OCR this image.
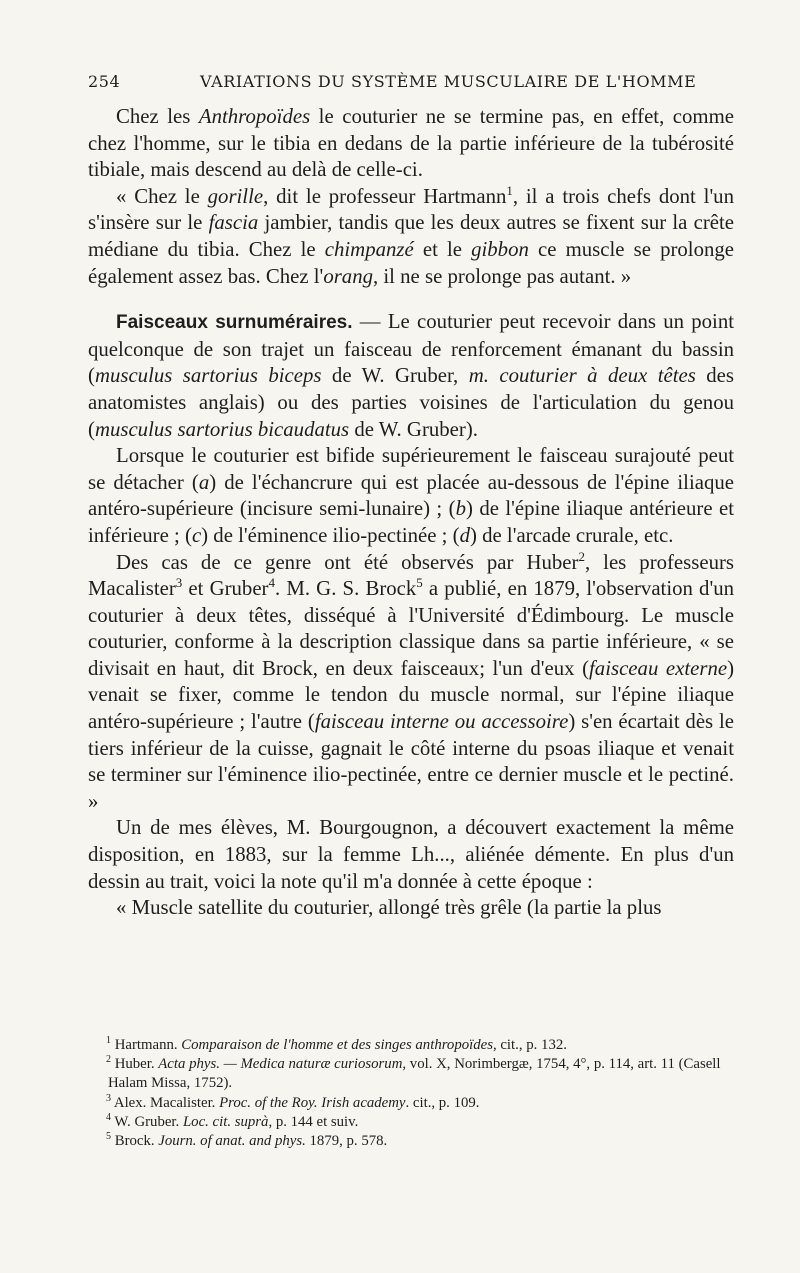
254	VARIATIONS DU SYSTÈME MUSCULAIRE DE L'HOMME

Chez les Anthropoïdes le couturier ne se termine pas, en effet, comme chez l'homme, sur le tibia en dedans de la partie inférieure de la tubérosité tibiale, mais descend au delà de celle-ci.

« Chez le gorille, dit le professeur Hartmann$^1$, il a trois chefs dont l'un s'insère sur le fascia jambier, tandis que les deux autres se fixent sur la crête médiane du tibia. Chez le chimpanzé et le gibbon ce muscle se prolonge également assez bas. Chez l'orang, il ne se prolonge pas autant. »

Faisceaux surnuméraires. — Le couturier peut recevoir dans un point quelconque de son trajet un faisceau de renforcement émanant du bassin (musculus sartorius biceps de W. Gruber, m. couturier à deux têtes des anatomistes anglais) ou des parties voisines de l'articulation du genou (musculus sartorius bicaudatus de W. Gruber).

Lorsque le couturier est bifide supérieurement le faisceau surajouté peut se détacher (a) de l'échancrure qui est placée au-dessous de l'épine iliaque antéro-supérieure (incisure semi-lunaire) ; (b) de l'épine iliaque antérieure et inférieure ; (c) de l'éminence ilio-pectinée ; (d) de l'arcade crurale, etc.

Des cas de ce genre ont été observés par Huber$^2$, les professeurs Macalister$^3$ et Gruber$^4$. M. G. S. Brock$^5$ a publié, en 1879, l'observation d'un couturier à deux têtes, disséqué à l'Université d'Édimbourg. Le muscle couturier, conforme à la description classique dans sa partie inférieure, « se divisait en haut, dit Brock, en deux faisceaux; l'un d'eux (faisceau externe) venait se fixer, comme le tendon du muscle normal, sur l'épine iliaque antéro-supérieure ; l'autre (faisceau interne ou accessoire) s'en écartait dès le tiers inférieur de la cuisse, gagnait le côté interne du psoas iliaque et venait se terminer sur l'éminence ilio-pectinée, entre ce dernier muscle et le pectiné. »

Un de mes élèves, M. Bourgougnon, a découvert exactement la même disposition, en 1883, sur la femme Lh..., aliénée démente. En plus d'un dessin au trait, voici la note qu'il m'a donnée à cette époque :

« Muscle satellite du couturier, allongé très grêle (la partie la plus

$^1$ Hartmann. Comparaison de l'homme et des singes anthropoïdes, cit., p. 132.

$^2$ Huber. Acta phys. — Medica naturæ curiosorum, vol. X, Norimbergæ, 1754, 4°, p. 114, art. 11 (Casell Halam Missa, 1752).

$^3$ Alex. Macalister. Proc. of the Roy. Irish academy. cit., p. 109.

$^4$ W. Gruber. Loc. cit. suprà, p. 144 et suiv.

$^5$ Brock. Journ. of anat. and phys. 1879, p. 578.
